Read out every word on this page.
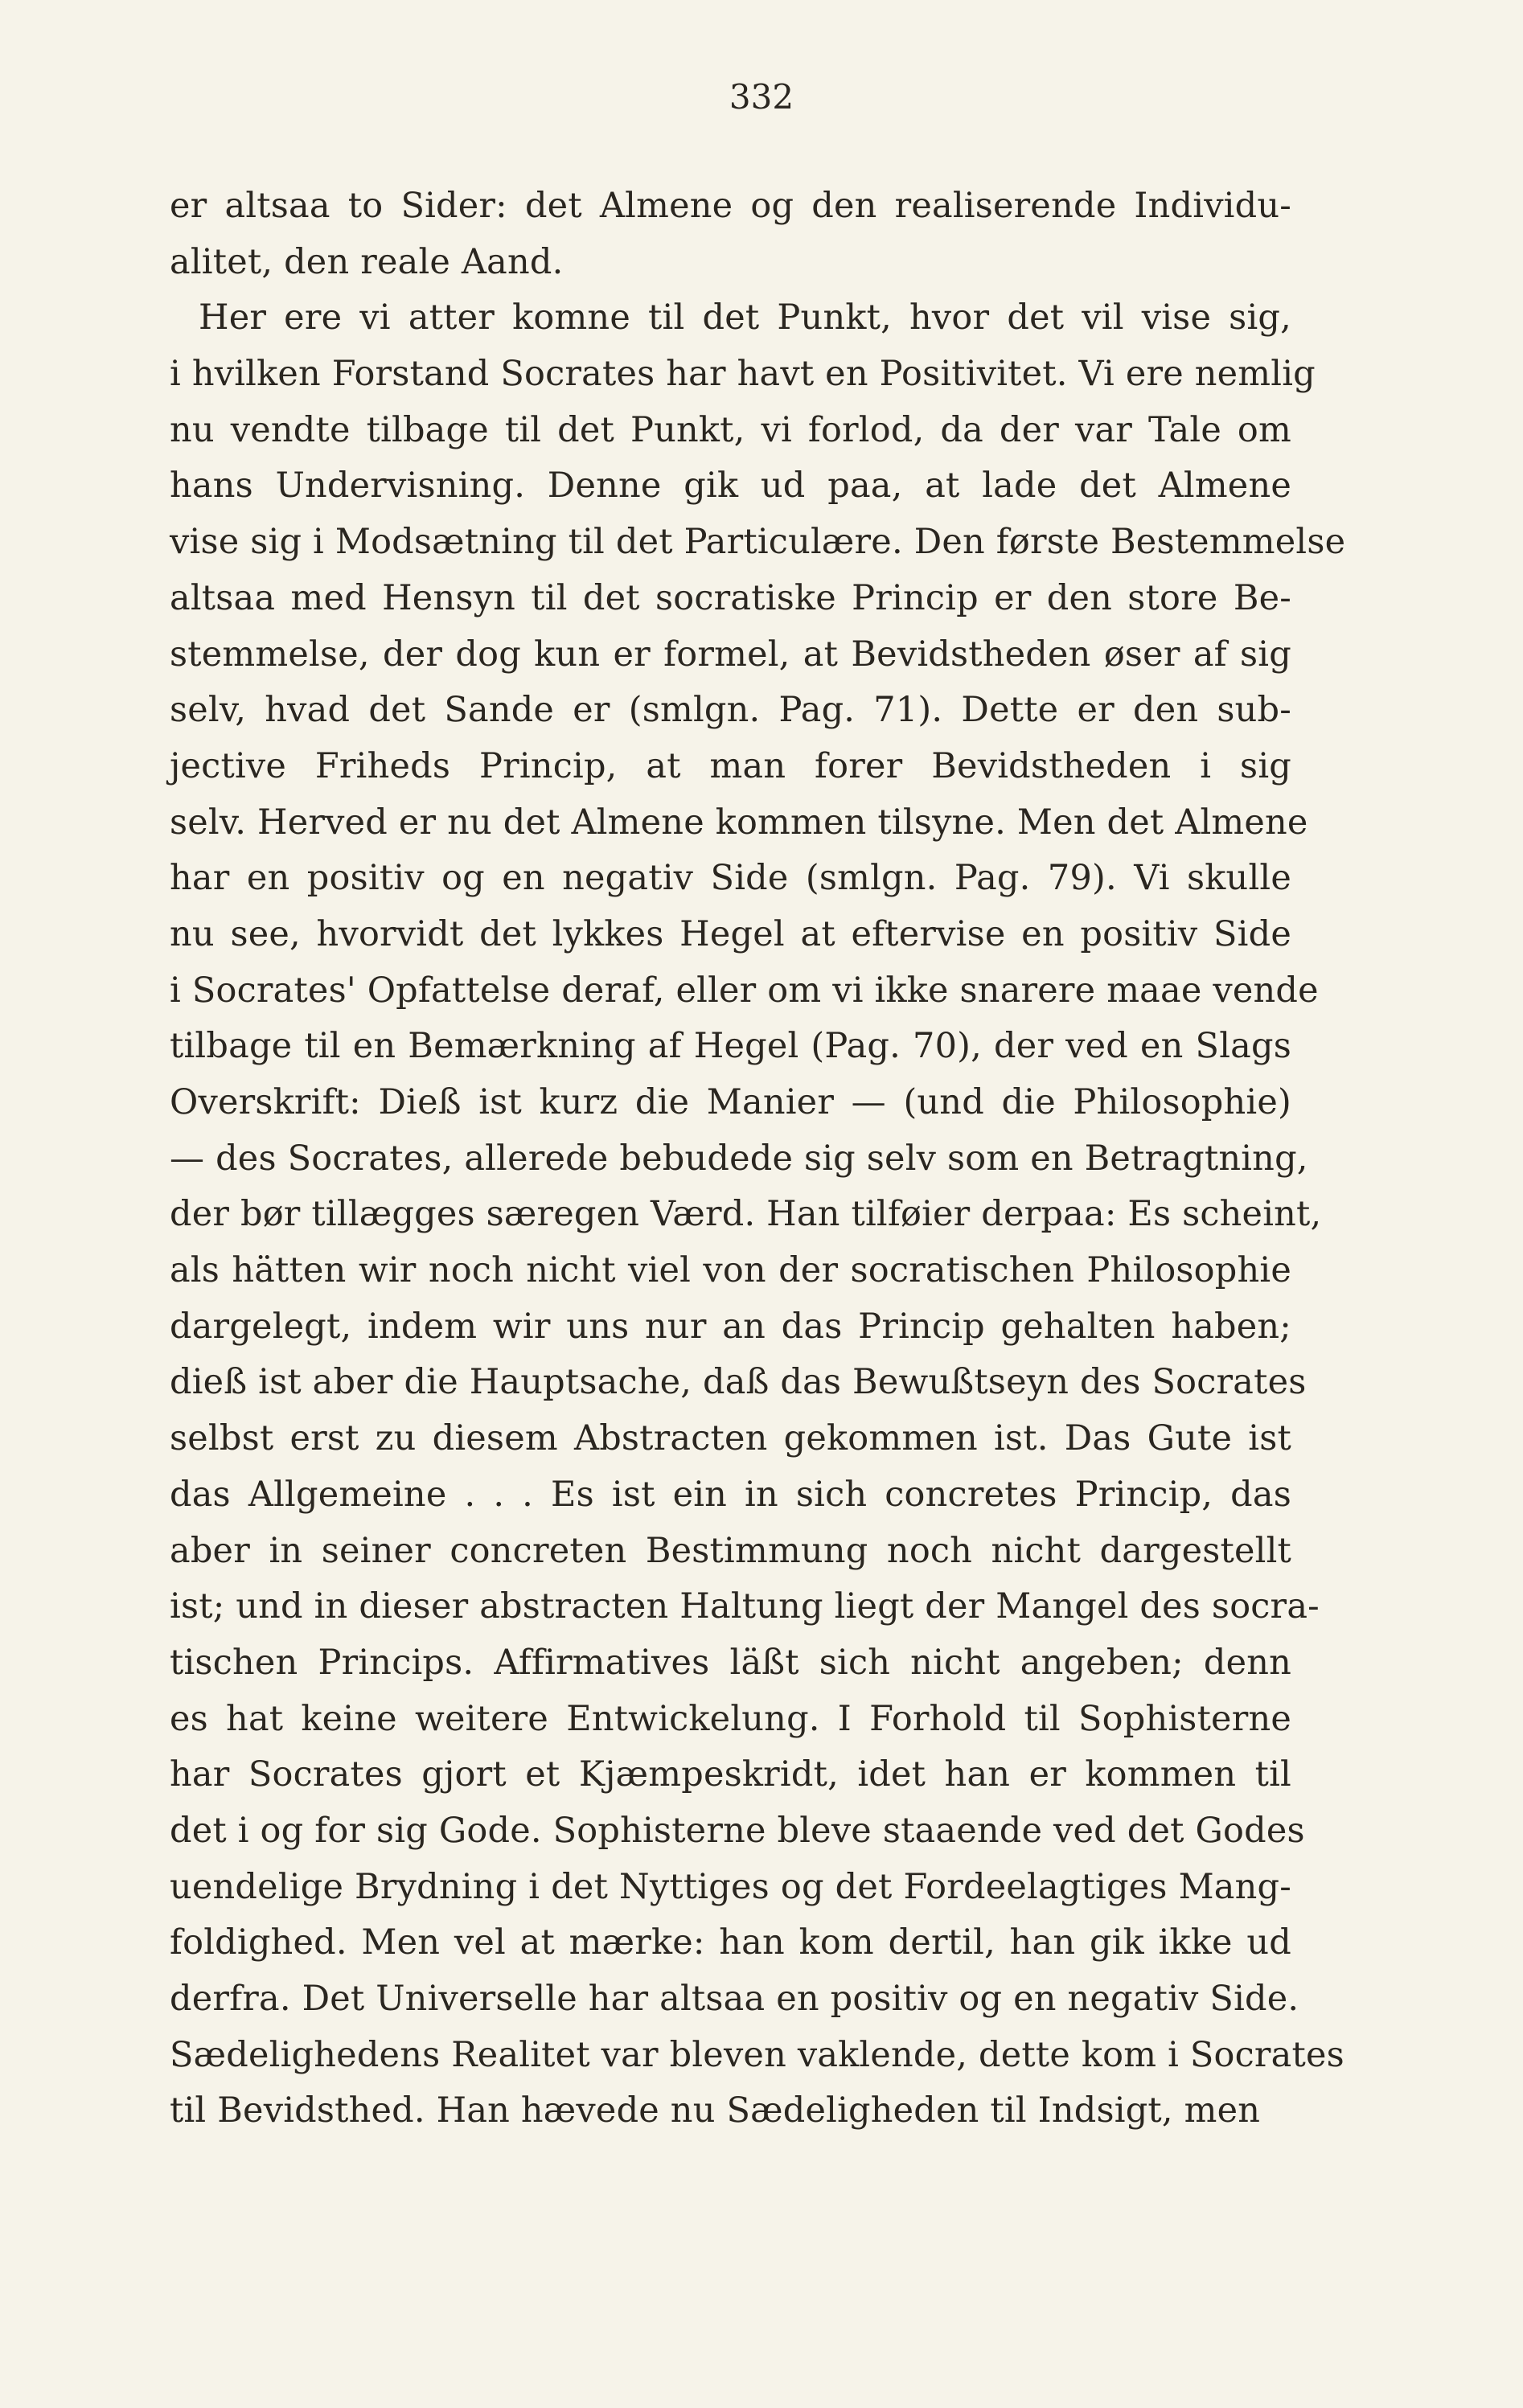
332
er altsaa to Sider: det Almene og den realiserende Individu-
alitet, den reale Aand.
Her ere vi atter komne til det Punkt, hvor det vil vise sig,
i hvilken Forstand Socrates har havt en Positivitet. Vi ere nemlig
nu vendte tilbage til det Punkt, vi forlod, da der var Tale om
hans Undervisning. Denne gik ud paa, at lade det Almene
vise sig i Modsætning til det Particulære. Den første Bestemmelse
altsaa med Hensyn til det socratiske Princip er den store Be-
stemmelse, der dog kun er formel, at Bevidstheden øser af sig
selv, hvad det Sande er (smlgn. Pag. 71). Dette er den sub-
jective Friheds Princip, at man forer Bevidstheden i sig
selv. Herved er nu det Almene kommen tilsyne. Men det Almene
har en positiv og en negativ Side (smlgn. Pag. 79). Vi skulle
nu see, hvorvidt det lykkes Hegel at eftervise en positiv Side
i Socrates' Opfattelse deraf, eller om vi ikke snarere maae vende
tilbage til en Bemærkning af Hegel (Pag. 70), der ved en Slags
Overskrift: Dieß ist kurz die Manier — (und die Philosophie)
— des Socrates, allerede bebudede sig selv som en Betragtning,
der bør tillægges særegen Værd. Han tilføier derpaa: Es scheint,
als hätten wir noch nicht viel von der socratischen Philosophie
dargelegt, indem wir uns nur an das Princip gehalten haben;
dieß ist aber die Hauptsache, daß das Bewußtseyn des Socrates
selbst erst zu diesem Abstracten gekommen ist. Das Gute ist
das Allgemeine . . . Es ist ein in sich concretes Princip, das
aber in seiner concreten Bestimmung noch nicht dargestellt
ist; und in dieser abstracten Haltung liegt der Mangel des socra-
tischen Princips. Affirmatives läßt sich nicht angeben; denn
es hat keine weitere Entwickelung. I Forhold til Sophisterne
har Socrates gjort et Kjæmpeskridt, idet han er kommen til
det i og for sig Gode. Sophisterne bleve staaende ved det Godes
uendelige Brydning i det Nyttiges og det Fordeelagtiges Mang-
foldighed. Men vel at mærke: han kom dertil, han gik ikke ud
derfra. Det Universelle har altsaa en positiv og en negativ Side.
Sædelighedens Realitet var bleven vaklende, dette kom i Socrates
til Bevidsthed. Han hævede nu Sædeligheden til Indsigt, men
